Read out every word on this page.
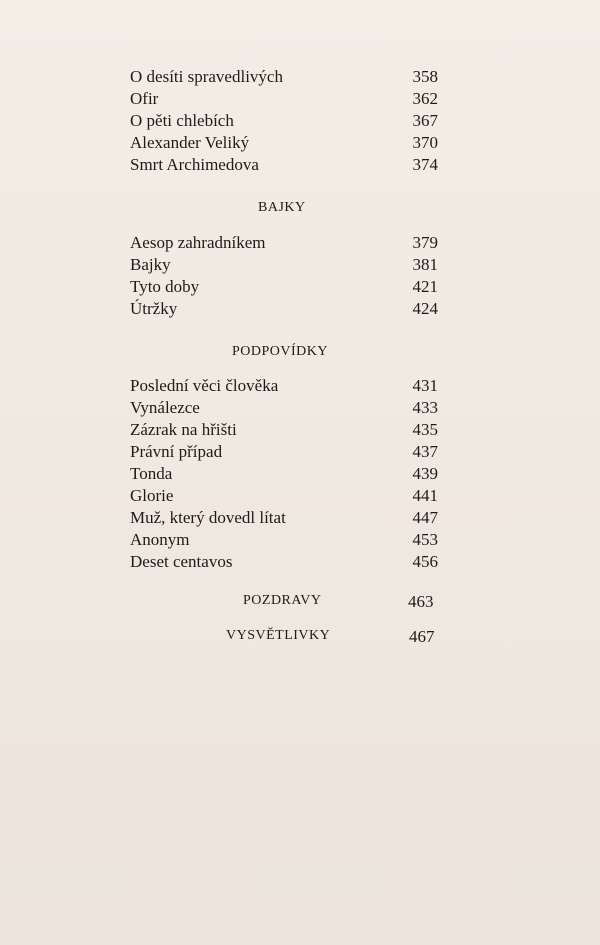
O desíti spravedlivých	358
Ofir	362
O pěti chlebích	367
Alexander Veliký	370
Smrt Archimedova	374
BAJKY
Aesop zahradníkem	379
Bajky	381
Tyto doby	421
Útržky	424
PODPOVÍDKY
Poslední věci člověka	431
Vynálezce	433
Zázrak na hřišti	435
Právní případ	437
Tonda	439
Glorie	441
Muž, který dovedl lítat	447
Anonym	453
Deset centavos	456
POZDRAVY	463
VYSVĚTLIVKY	467
